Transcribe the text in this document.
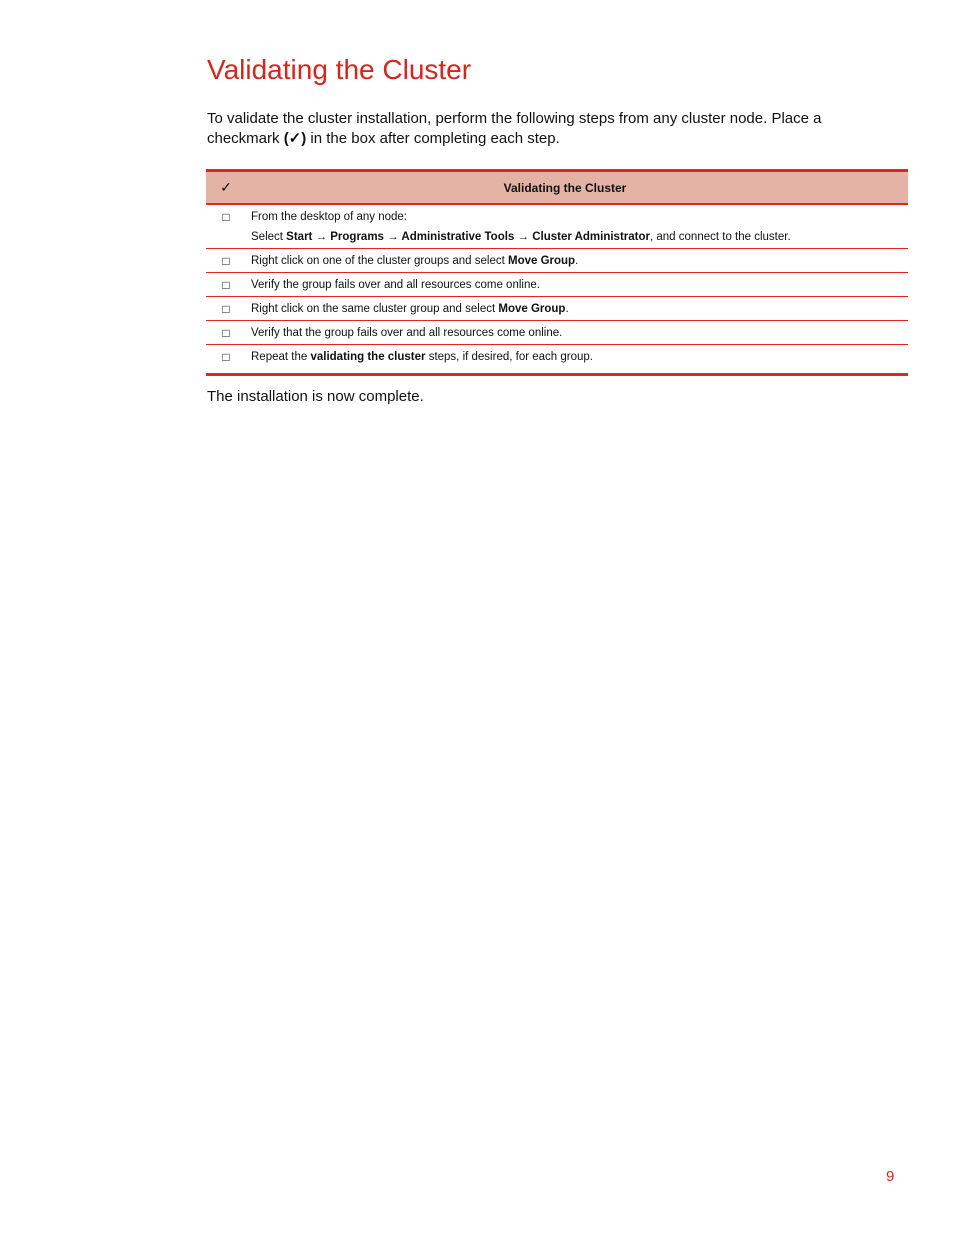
Validating the Cluster

To validate the cluster installation, perform the following steps from any cluster node. Place a checkmark (✓) in the box after completing each step.

✓	Validating the Cluster
□	From the desktop of any node:
Select Start → Programs → Administrative Tools → Cluster Administrator, and connect to the cluster.
□	Right click on one of the cluster groups and select Move Group.
□	Verify the group fails over and all resources come online.
□	Right click on the same cluster group and select Move Group.
□	Verify that the group fails over and all resources come online.
□	Repeat the validating the cluster steps, if desired, for each group.

The installation is now complete.

9
